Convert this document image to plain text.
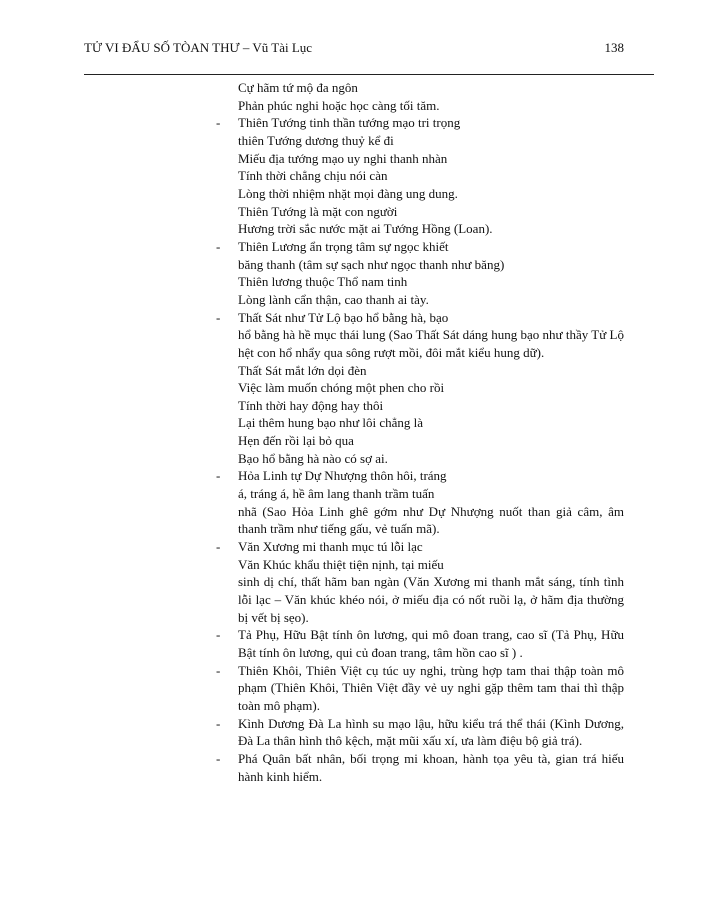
TỬ VI ĐẨU SỐ TÒAN THƯ – Vũ Tài Lục	138

Cự hãm tứ mộ đa ngôn

Phản phúc nghi hoặc học càng tối tăm.

- Thiên Tướng tinh thần tướng mạo tri trọng

thiên Tướng dương thuỷ kể đi

Miếu địa tướng mạo uy nghi thanh nhàn

Tính thời chẳng chịu nói càn

Lòng thời nhiệm nhặt mọi đàng ung dung.

Thiên Tướng là mặt con người

Hương trời sắc nước mặt ai Tướng Hồng (Loan).

- Thiên Lương ẩn trọng tâm sự ngọc khiết

băng thanh (tâm sự sạch như ngọc thanh như băng)

Thiên lương thuộc Thổ nam tinh

Lòng lành cẩn thận, cao thanh ai tày.

- Thất Sát như Tử Lộ bạo hổ bằng hà, bạo

hổ bằng hà hề mục thái lung (Sao Thất Sát dáng hung bạo như thầy Tử Lộ hệt con hổ nhẩy qua sông rượt mồi, đôi mắt kiểu hung dữ).

Thất Sát mắt lớn dọi đèn

Việc làm muốn chóng một phen cho rồi

Tính thời hay động hay thôi

Lại thêm hung bạo như lôi chẳng là

Hẹn đến rồi lại bỏ qua

Bạo hổ bằng hà nào có sợ ai.

- Hỏa Linh tự Dự Nhượng thôn hôi, tráng

á, tráng á, hề âm lang thanh trầm tuấn

nhã (Sao Hỏa Linh ghê gớm như Dự Nhượng nuốt than giả câm, âm thanh trầm như tiếng gấu, vẻ tuấn mã).

- Văn Xương mi thanh mục tú lỗi lạc

Văn Khúc khẩu thiệt tiện nịnh, tại miếu

sinh dị chí, thất hãm ban ngàn (Văn Xương mi thanh mắt sáng, tính tình lỗi lạc – Văn khúc khéo nói, ở miếu địa có nốt ruồi lạ, ở hãm địa thường bị vết bị sẹo).

- Tả Phụ, Hữu Bật tính ôn lương, qui mô đoan trang, cao sĩ (Tả Phụ, Hữu Bật tính ôn lương, qui củ đoan trang, tâm hồn cao sĩ ) .

- Thiên Khôi, Thiên Việt cụ túc uy nghi, trùng hợp tam thai thập toàn mô phạm (Thiên Khôi, Thiên Việt đầy vẻ uy nghi gặp thêm tam thai thì thập toàn mô phạm).

- Kình Dương Đà La hình su mạo lậu, hữu kiểu trá thể thái (Kình Dương, Đà La thân hình thô kệch, mặt mũi xấu xí, ưa làm điệu bộ giả trá).

- Phá Quân bất nhân, bối trọng mi khoan, hành tọa yêu tà, gian trá hiếu hành kinh hiểm.
